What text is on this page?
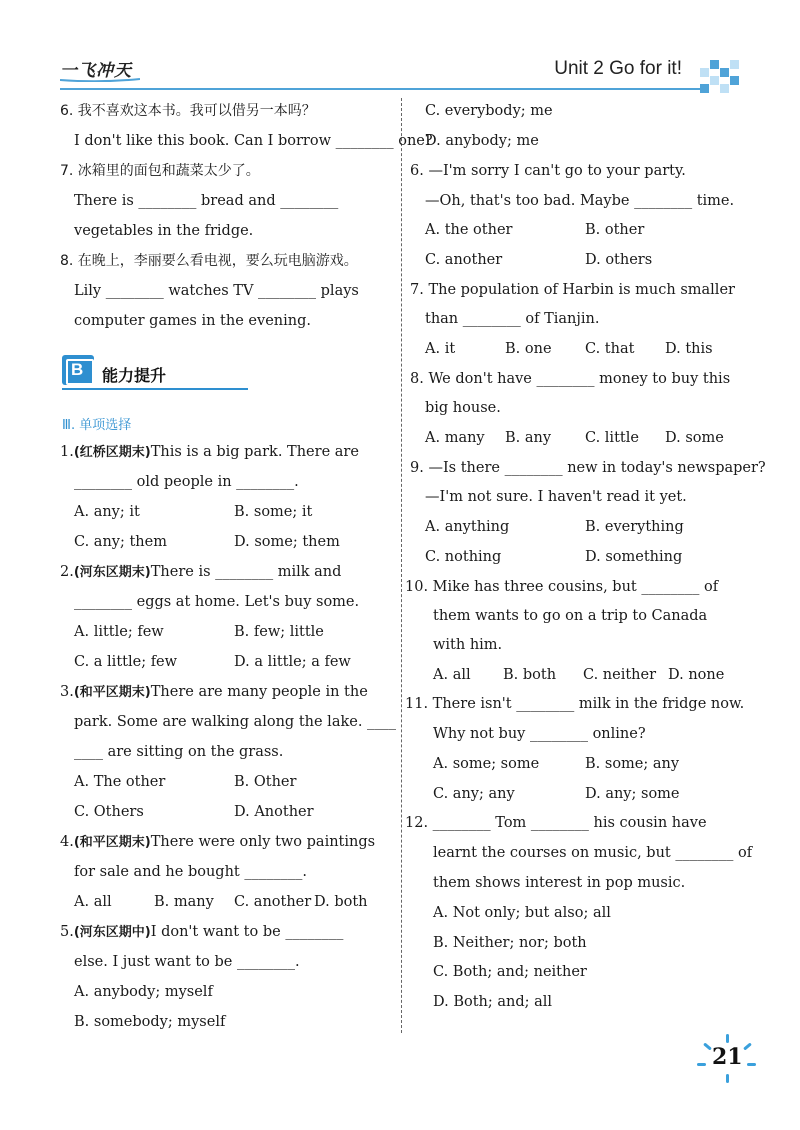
一飞冲天	Unit 2 Go for it!
6. 我不喜欢这本书。我可以借另一本吗？
I don't like this book. Can I borrow ________ one?
7. 冰箱里的面包和蔬菜太少了。
There is ________ bread and ________
vegetables in the fridge.
8. 在晚上，李丽要么看电视，要么玩电脑游戏。
Lily ________ watches TV ________ plays
computer games in the evening.
B 能力提升
Ⅲ. 单项选择
1.(红桥区期末)This is a big park. There are
________ old people in ________.
A. any; it	B. some; it
C. any; them	D. some; them
2.(河东区期末)There is ________ milk and
________ eggs at home. Let's buy some.
A. little; few	B. few; little
C. a little; few	D. a little; a few
3.(和平区期末)There are many people in the
park. Some are walking along the lake. ____
____ are sitting on the grass.
A. The other	B. Other
C. Others	D. Another
4.(和平区期末)There were only two paintings
for sale and he bought ________.
A. all	B. many C. another D. both
5.(河东区期中)I don't want to be ________
else. I just want to be ________.
A. anybody; myself
B. somebody; myself
C. everybody; me
D. anybody; me
6. —I'm sorry I can't go to your party.
—Oh, that's too bad. Maybe ________ time.
A. the other	B. other
C. another	D. others
7. The population of Harbin is much smaller
than ________ of Tianjin.
A. it	B. one C. that D. this
8. We don't have ________ money to buy this
big house.
A. many B. any C. little D. some
9. —Is there ________ new in today's newspaper?
—I'm not sure. I haven't read it yet.
A. anything	B. everything
C. nothing	D. something
10. Mike has three cousins, but ________ of
them wants to go on a trip to Canada
with him.
A. all B. both C. neither D. none
11. There isn't ________ milk in the fridge now.
Why not buy ________ online?
A. some; some	B. some; any
C. any; any	D. any; some
12. ________ Tom ________ his cousin have
learnt the courses on music, but ________ of
them shows interest in pop music.
A. Not only; but also; all
B. Neither; nor; both
C. Both; and; neither
D. Both; and; all
21
